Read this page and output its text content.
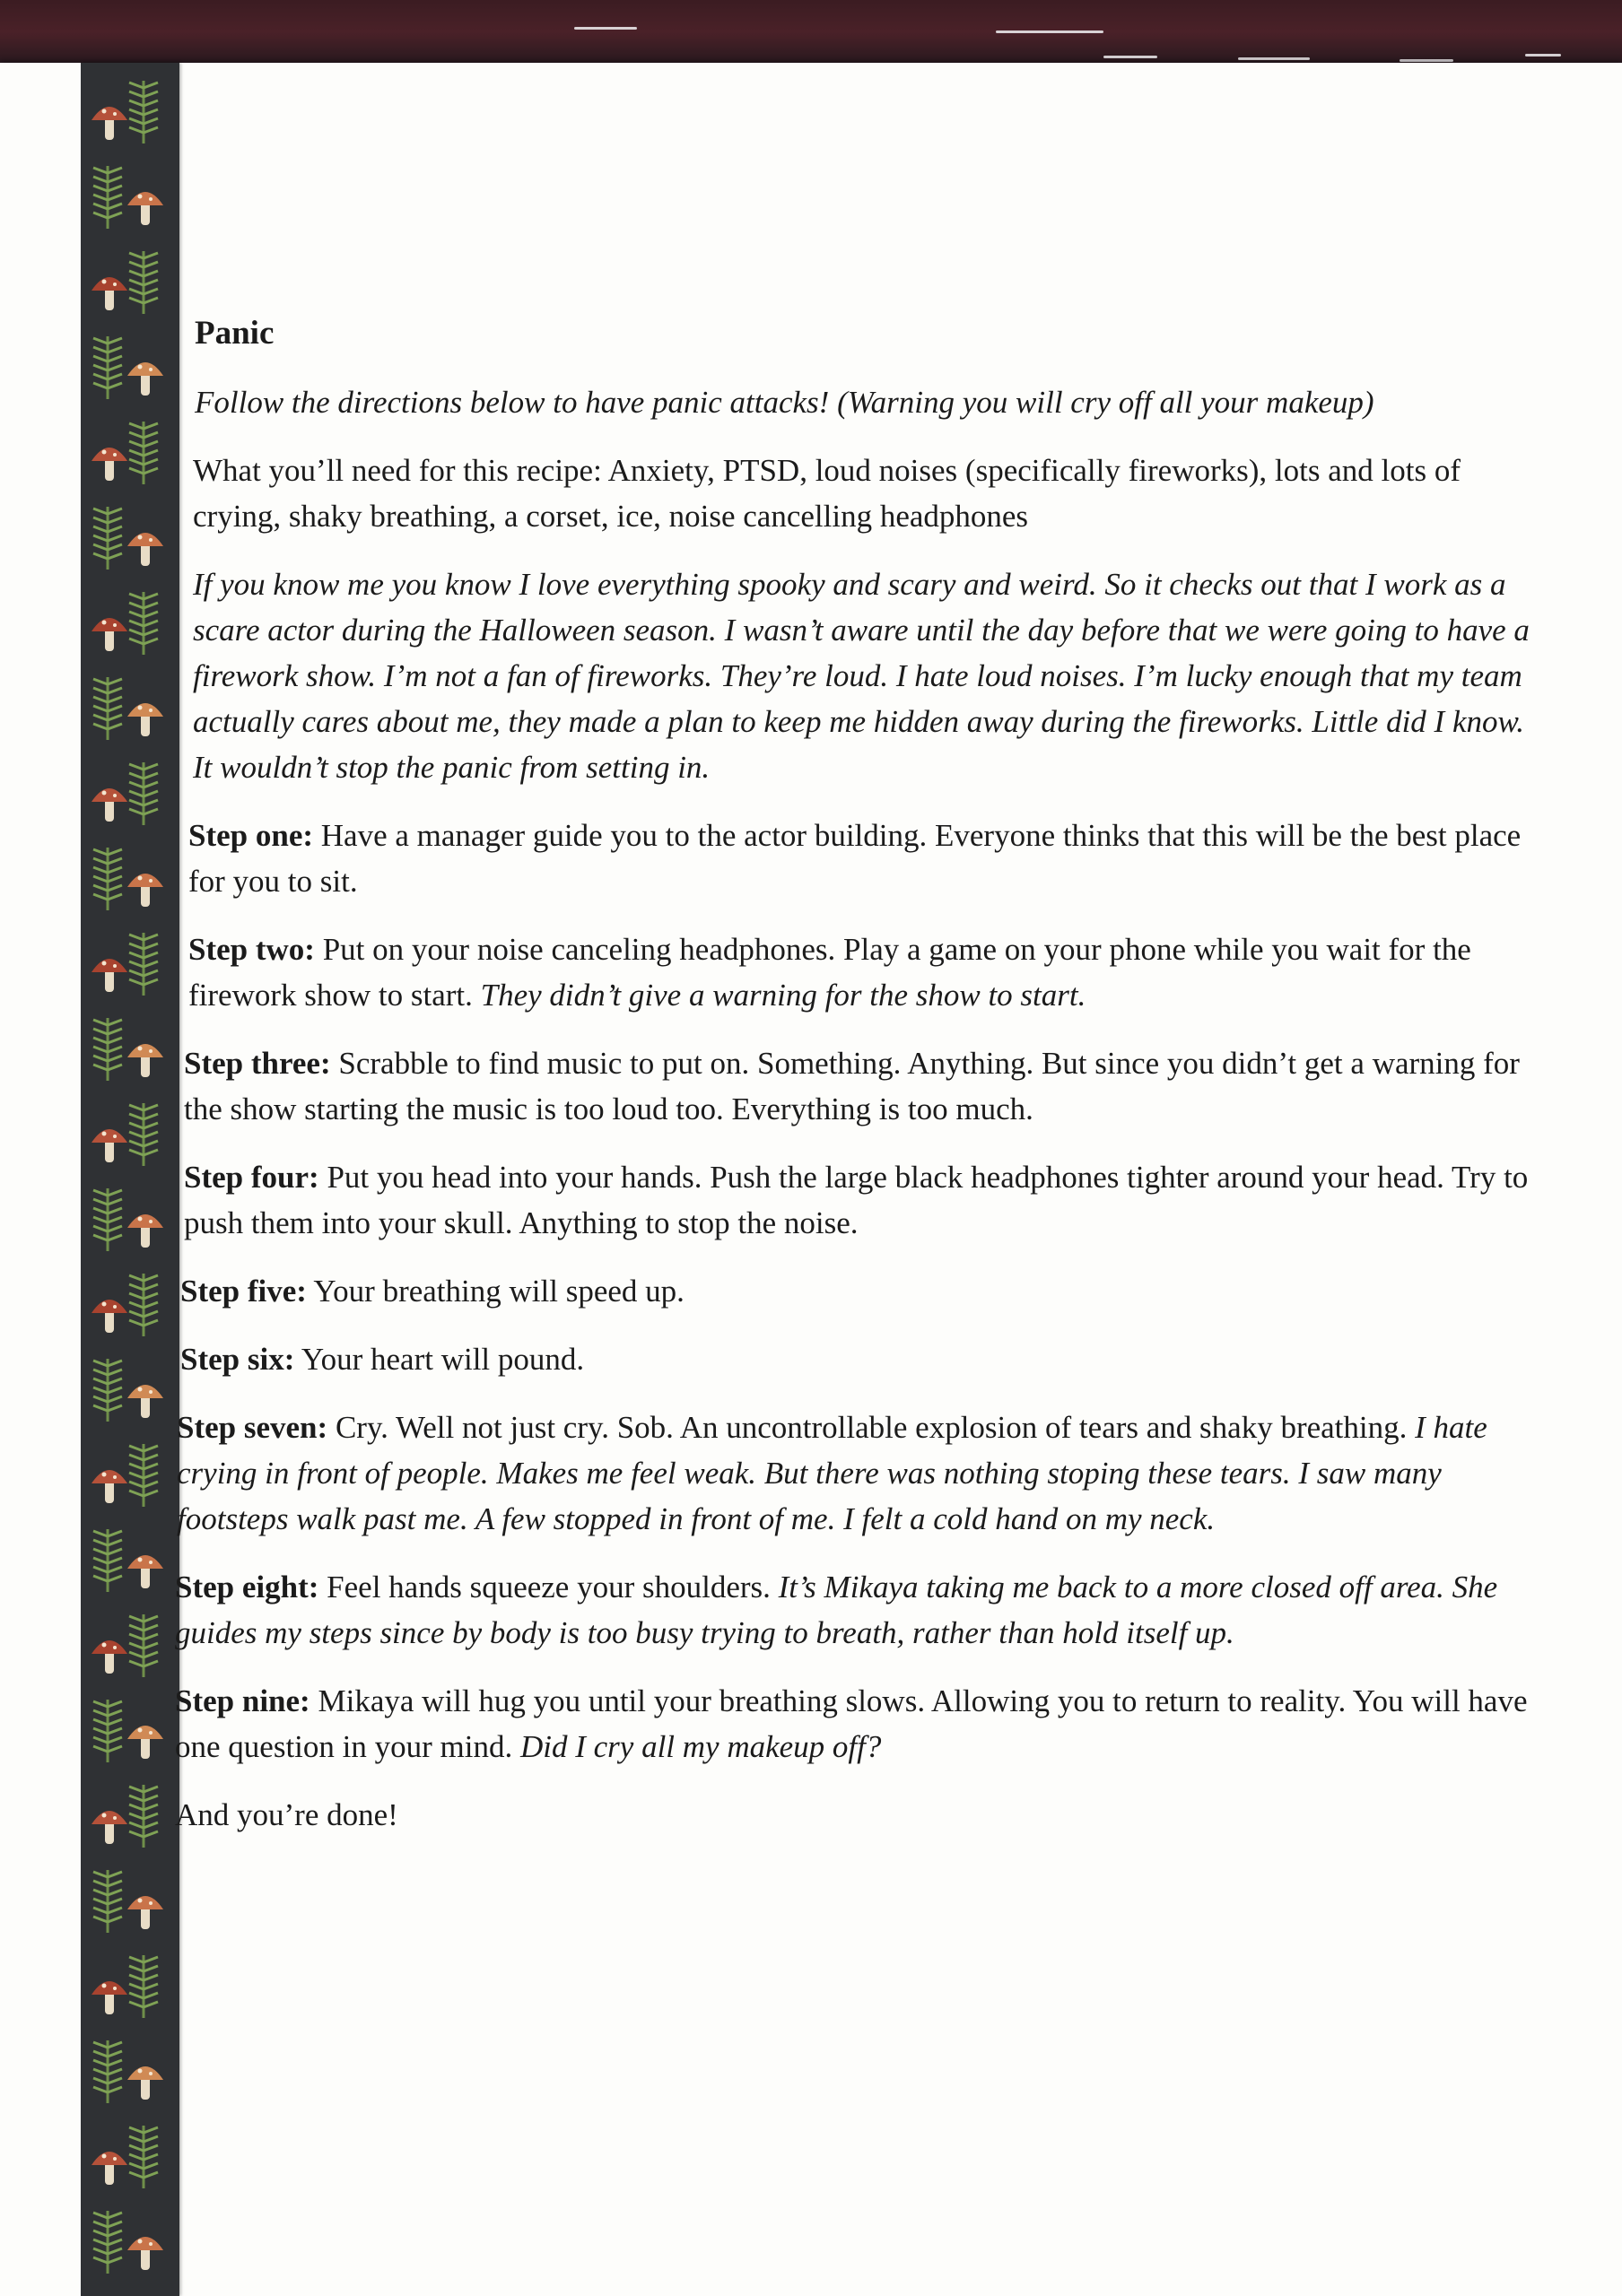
Panic

Follow the directions below to have panic attacks! (Warning you will cry off all your makeup)

What you’ll need for this recipe: Anxiety, PTSD, loud noises (specifically fireworks), lots and lots of crying, shaky breathing, a corset, ice, noise cancelling headphones

If you know me you know I love everything spooky and scary and weird. So it checks out that I work as a scare actor during the Halloween season. I wasn’t aware until the day before that we were going to have a firework show. I’m not a fan of fireworks. They’re loud. I hate loud noises. I’m lucky enough that my team actually cares about me, they made a plan to keep me hidden away during the fireworks. Little did I know. It wouldn’t stop the panic from setting in.

Step one: Have a manager guide you to the actor building. Everyone thinks that this will be the best place for you to sit.

Step two: Put on your noise canceling headphones. Play a game on your phone while you wait for the firework show to start. They didn’t give a warning for the show to start.

Step three: Scrabble to find music to put on. Something. Anything. But since you didn’t get a warning for the show starting the music is too loud too. Everything is too much.

Step four: Put you head into your hands. Push the large black headphones tighter around your head. Try to push them into your skull. Anything to stop the noise.

Step five: Your breathing will speed up.

Step six: Your heart will pound.

Step seven: Cry. Well not just cry. Sob. An uncontrollable explosion of tears and shaky breathing. I hate crying in front of people. Makes me feel weak. But there was nothing stoping these tears. I saw many footsteps walk past me. A few stopped in front of me. I felt a cold hand on my neck.

Step eight: Feel hands squeeze your shoulders. It’s Mikaya taking me back to a more closed off area. She guides my steps since by body is too busy trying to breath, rather than hold itself up.

Step nine: Mikaya will hug you until your breathing slows. Allowing you to return to reality. You will have one question in your mind. Did I cry all my makeup off?

And you’re done!
